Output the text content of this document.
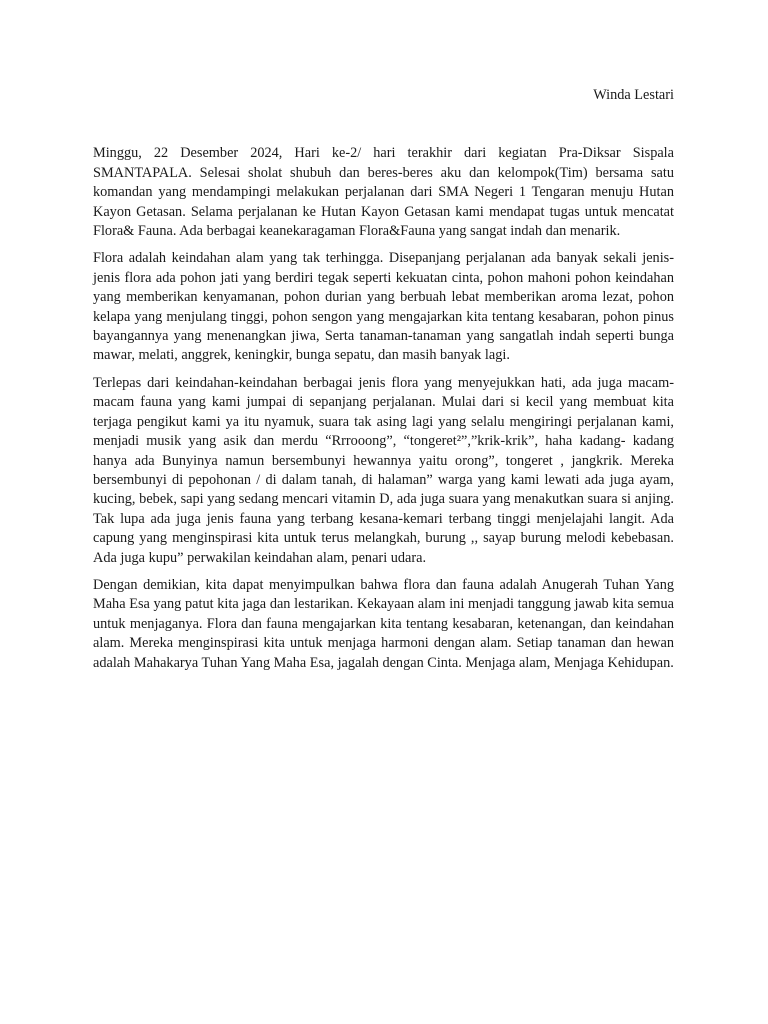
Winda Lestari

Minggu, 22 Desember 2024, Hari ke-2/ hari terakhir dari kegiatan Pra-Diksar Sispala SMANTAPALA. Selesai sholat shubuh dan beres-beres aku dan kelompok(Tim) bersama satu komandan yang mendampingi melakukan perjalanan dari SMA Negeri 1 Tengaran menuju Hutan Kayon Getasan. Selama perjalanan ke Hutan Kayon Getasan kami mendapat tugas untuk mencatat Flora& Fauna. Ada berbagai keanekaragaman Flora&Fauna yang sangat indah dan menarik.

Flora adalah keindahan alam yang tak terhingga. Disepanjang perjalanan ada banyak sekali jenis-jenis flora ada pohon jati yang berdiri tegak seperti kekuatan cinta, pohon mahoni pohon keindahan yang memberikan kenyamanan, pohon durian yang berbuah lebat memberikan aroma lezat, pohon kelapa yang menjulang tinggi, pohon sengon yang mengajarkan kita tentang kesabaran, pohon pinus bayangannya yang menenangkan jiwa, Serta tanaman-tanaman yang sangatlah indah seperti bunga mawar, melati, anggrek, keningkir, bunga sepatu, dan masih banyak lagi.

Terlepas dari keindahan-keindahan berbagai jenis flora yang menyejukkan hati, ada juga macam-macam fauna yang kami jumpai di sepanjang perjalanan. Mulai dari si kecil yang membuat kita terjaga pengikut kami ya itu nyamuk, suara tak asing lagi yang selalu mengiringi perjalanan kami, menjadi musik yang asik dan merdu “Rrrooong”, “tongeret²”,”krik-krik”, haha kadang- kadang hanya ada Bunyinya namun bersembunyi hewannya yaitu orong”, tongeret , jangkrik. Mereka bersembunyi di pepohonan / di dalam tanah, di halaman” warga yang kami lewati ada juga ayam, kucing, bebek, sapi yang sedang mencari vitamin D, ada juga suara yang menakutkan suara si anjing. Tak lupa ada juga jenis fauna yang terbang kesana-kemari terbang tinggi menjelajahi langit. Ada capung yang menginspirasi kita untuk terus melangkah, burung ,, sayap burung melodi kebebasan. Ada juga kupu” perwakilan keindahan alam, penari udara.

Dengan demikian, kita dapat menyimpulkan bahwa flora dan fauna adalah Anugerah Tuhan Yang Maha Esa yang patut kita jaga dan lestarikan. Kekayaan alam ini menjadi tanggung jawab kita semua untuk menjaganya. Flora dan fauna mengajarkan kita tentang kesabaran, ketenangan, dan keindahan alam. Mereka menginspirasi kita untuk menjaga harmoni dengan alam. Setiap tanaman dan hewan adalah Mahakarya Tuhan Yang Maha Esa, jagalah dengan Cinta. Menjaga alam, Menjaga Kehidupan.
